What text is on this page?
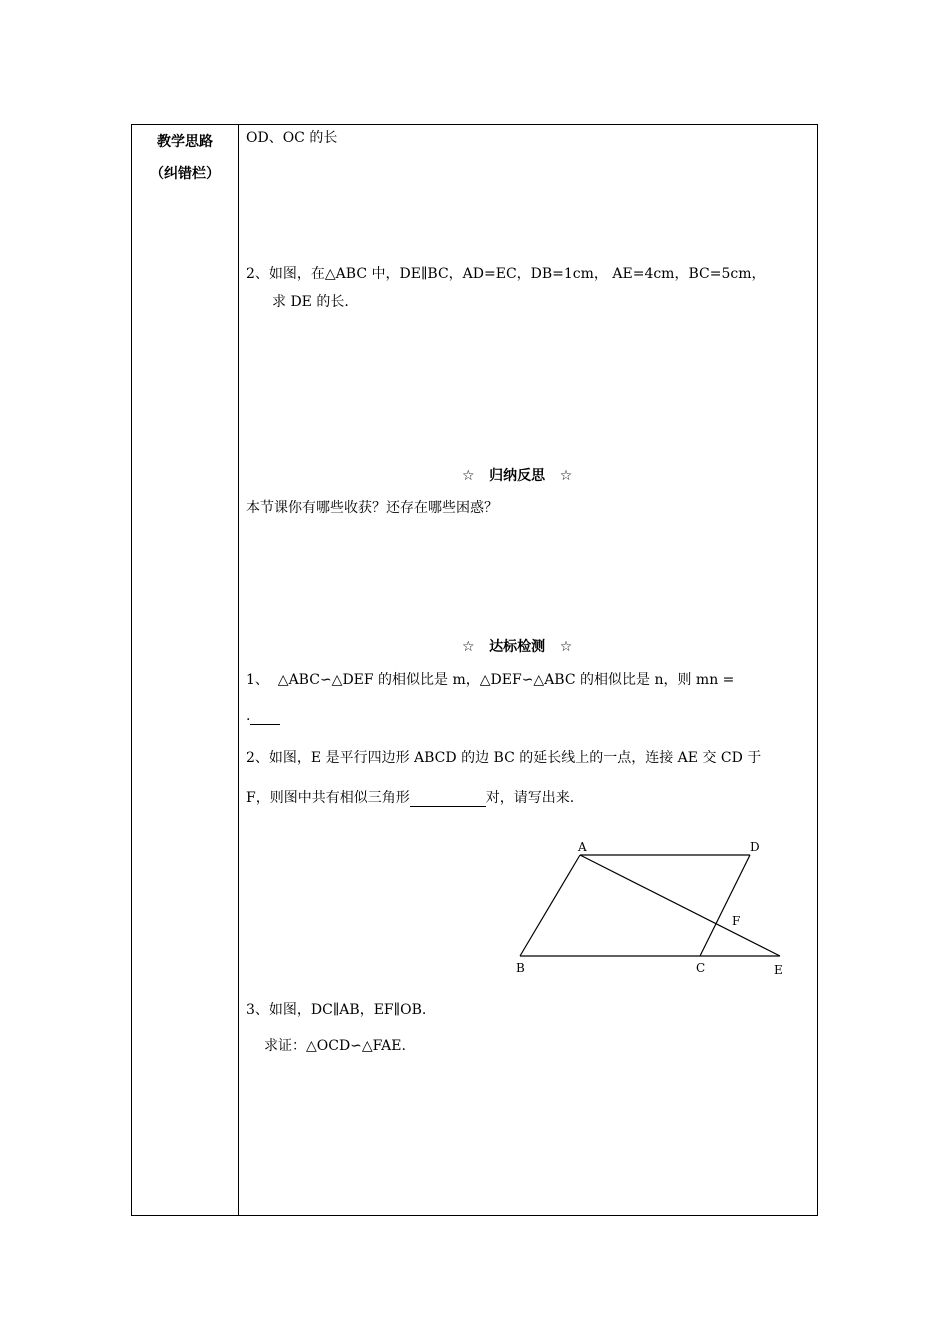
教学思路
（纠错栏）
OD、OC 的长
2、如图，在△ABC 中，DE∥BC，AD=EC，DB=1cm， AE=4cm，BC=5cm，
求 DE 的长.
☆   归纳反思   ☆
本节课你有哪些收获？还存在哪些困惑？
☆   达标检测   ☆
1、  △ABC∽△DEF 的相似比是 m，△DEF∽△ABC 的相似比是 n，则 mn =
.
2、如图，E 是平行四边形 ABCD 的边 BC 的延长线上的一点，连接 AE 交 CD 于
F，则图中共有相似三角形	对，请写出来.
A	D
B	C	E
F
3、如图，DC∥AB，EF∥OB.
求证：△OCD∽△FAE.
